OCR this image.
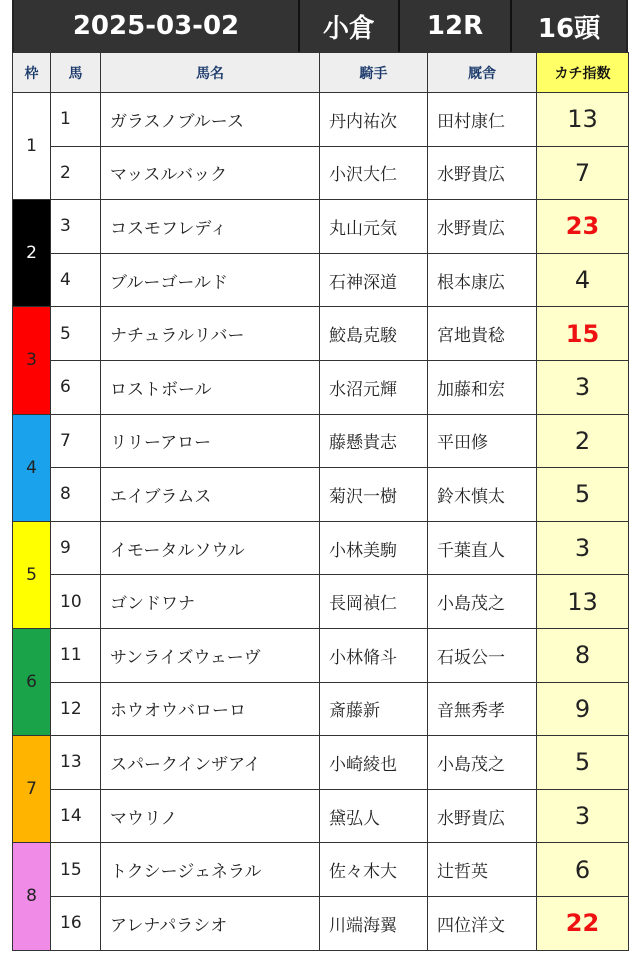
2025-03-02	小倉	12R	16頭
枠	馬	馬名	騎手	厩舎	カチ指数
1	1	ガラスノブルース	丹内祐次	田村康仁	13
	2	マッスルバック	小沢大仁	水野貴広	7
2	3	コスモフレディ	丸山元気	水野貴広	23
	4	ブルーゴールド	石神深道	根本康広	4
3	5	ナチュラルリバー	鮫島克駿	宮地貴稔	15
	6	ロストボール	水沼元輝	加藤和宏	3
4	7	リリーアロー	藤懸貴志	平田修	2
	8	エイブラムス	菊沢一樹	鈴木慎太	5
5	9	イモータルソウル	小林美駒	千葉直人	3
	10	ゴンドワナ	長岡禎仁	小島茂之	13
6	11	サンライズウェーヴ	小林脩斗	石坂公一	8
	12	ホウオウバローロ	斎藤新	音無秀孝	9
7	13	スパークインザアイ	小崎綾也	小島茂之	5
	14	マウリノ	黛弘人	水野貴広	3
8	15	トクシージェネラル	佐々木大	辻哲英	6
	16	アレナパラシオ	川端海翼	四位洋文	22
